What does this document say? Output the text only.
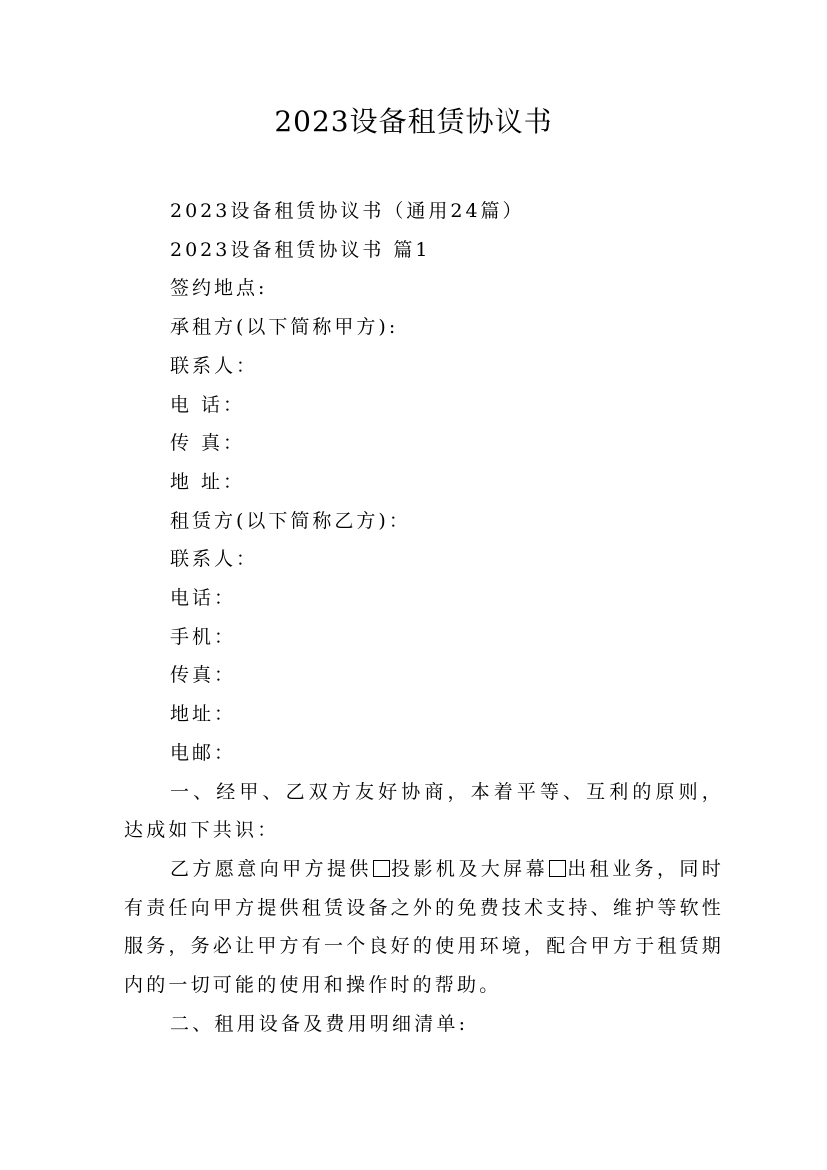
2023设备租赁协议书
2023设备租赁协议书（通用24篇）
2023设备租赁协议书 篇1
签约地点:
承租方(以下简称甲方):
联系人：
电 话：
传 真：
地 址：
租赁方(以下简称乙方)：
联系人：
电话：
手机：
传真：
地址：
电邮：
一、经甲、乙双方友好协商，本着平等、互利的原则，达成如下共识：
乙方愿意向甲方提供 投影机及大屏幕 出租业务，同时有责任向甲方提供租赁设备之外的免费技术支持、维护等软性服务，务必让甲方有一个良好的使用环境，配合甲方于租赁期内的一切可能的使用和操作时的帮助。
二、租用设备及费用明细清单:
